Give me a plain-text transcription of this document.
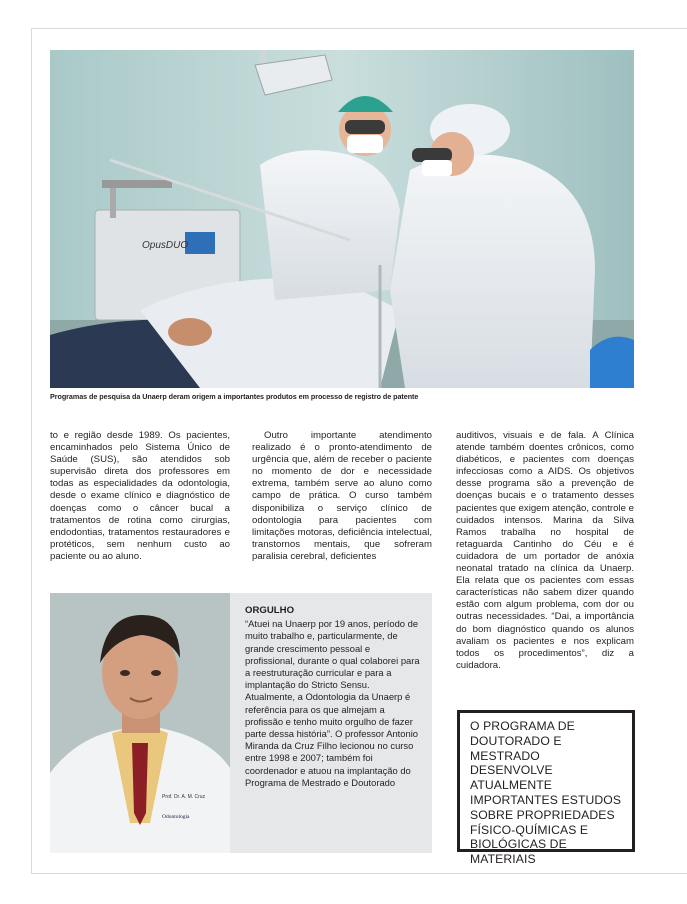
OpusDUO
Programas de pesquisa da Unaerp deram origem a importantes produtos em processo de registro de patente
to e região desde 1989. Os pacientes, encaminhados pelo Sistema Único de Saúde (SUS), são atendidos sob supervisão direta dos professores em todas as especialidades da odontologia, desde o exame clínico e diagnóstico de doenças como o câncer bucal a tratamentos de rotina como cirurgias, endodontias, tratamentos restauradores e protéticos, sem nenhum custo ao paciente ou ao aluno.
Outro importante atendimento realizado é o pronto-atendimento de urgência que, além de receber o paciente no momento de dor e necessidade extrema, também serve ao aluno como campo de prática. O curso também disponibiliza o serviço clínico de odontologia para pacientes com limitações motoras, deficiência intelectual, transtornos mentais, que sofreram paralisia cerebral, deficientes
auditivos, visuais e de fala. A Clínica atende também doentes crônicos, como diabéticos, e pacientes com doenças infecciosas como a AIDS. Os objetivos desse programa são a prevenção de doenças bucais e o tratamento desses pacientes que exigem atenção, controle e cuidados intensos. Marina da Silva Ramos trabalha no hospital de retaguarda Cantinho do Céu e é cuidadora de um portador de anóxia neonatal tratado na clínica da Unaerp. Ela relata que os pacientes com essas características não sabem dizer quando estão com algum problema, com dor ou outras necessidades. “Dai, a importância do bom diagnóstico quando os alunos avaliam os pacientes e nos explicam todos os procedimentos”, diz a cuidadora.
Prof. Dr. A. M. Cruz
Odontologia
ORGULHO
“Atuei na Unaerp por 19 anos, período de muito trabalho e, particularmente, de grande crescimento pessoal e profissional, durante o qual colaborei para a reestruturação curricular e para a implantação do Stricto Sensu. Atualmente, a Odontologia da Unaerp é referência para os que almejam a profissão e tenho muito orgulho de fazer parte dessa história”. O professor Antonio Miranda da Cruz Filho lecionou no curso entre 1998 e 2007; também foi coordenador e atuou na implantação do Programa de Mestrado e Doutorado
O PROGRAMA DE DOUTORADO E MESTRADO DESENVOLVE ATUALMENTE IMPORTANTES ESTUDOS SOBRE PROPRIEDADES FÍSICO-QUÍMICAS E BIOLÓGICAS DE MATERIAIS
